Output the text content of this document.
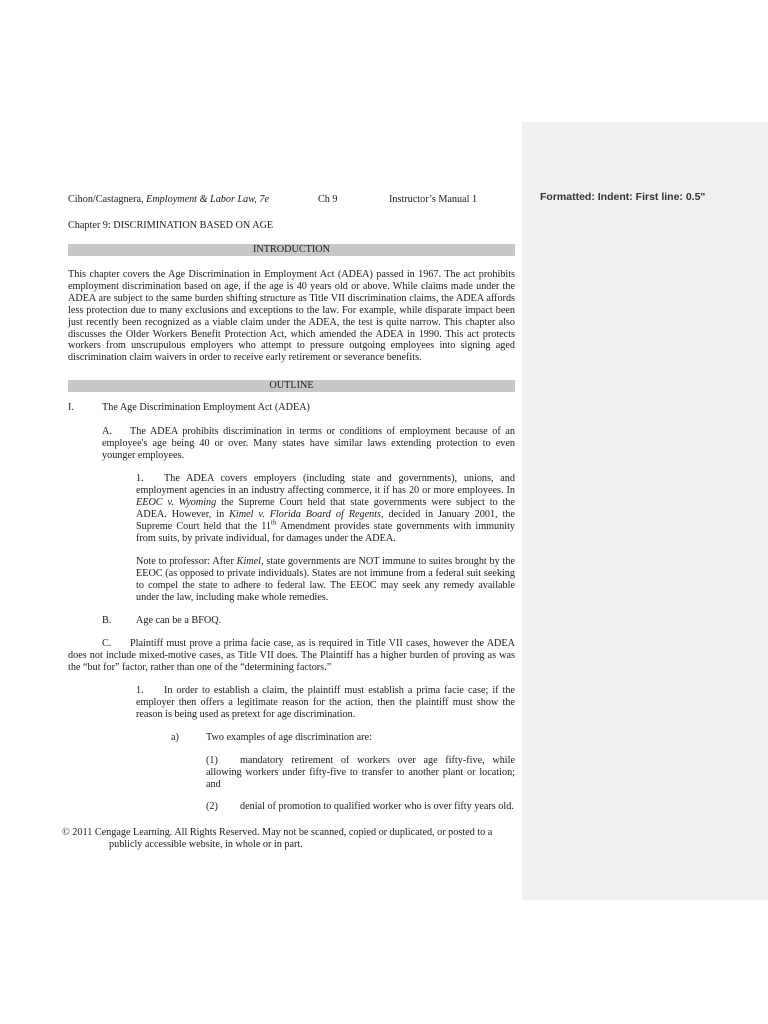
Formatted: Indent: First line: 0.5"
Cihon/Castagnera, Employment & Labor Law, 7e	Ch 9	Instructor’s Manual 1
Chapter 9: DISCRIMINATION BASED ON AGE
INTRODUCTION
This chapter covers the Age Discrimination in Employment Act (ADEA) passed in 1967. The act prohibits employment discrimination based on age, if the age is 40 years old or above. While claims made under the ADEA are subject to the same burden shifting structure as Title VII discrimination claims, the ADEA affords less protection due to many exclusions and exceptions to the law. For example, while disparate impact been just recently been recognized as a viable claim under the ADEA, the test is quite narrow. This chapter also discusses the Older Workers Benefit Protection Act, which amended the ADEA in 1990. This act protects workers from unscrupulous employers who attempt to pressure outgoing employees into signing aged discrimination claim waivers in order to receive early retirement or severance benefits.
OUTLINE
I.	The Age Discrimination Employment Act (ADEA)
A. The ADEA prohibits discrimination in terms or conditions of employment because of an employee's age being 40 or over. Many states have similar laws extending protection to even younger employees.
1. The ADEA covers employers (including state and governments), unions, and employment agencies in an industry affecting commerce, it if has 20 or more employees. In EEOC v. Wyoming the Supreme Court held that state governments were subject to the ADEA. However, in Kimel v. Florida Board of Regents, decided in January 2001, the Supreme Court held that the 11th Amendment provides state governments with immunity from suits, by private individual, for damages under the ADEA.
Note to professor: After Kimel, state governments are NOT immune to suites brought by the EEOC (as opposed to private individuals). States are not immune from a federal suit seeking to compel the state to adhere to federal law. The EEOC may seek any remedy available under the law, including make whole remedies.
B. Age can be a BFOQ.
C. Plaintiff must prove a prima facie case, as is required in Title VII cases, however the ADEA does not include mixed-motive cases, as Title VII does. The Plaintiff has a higher burden of proving as was the “but for” factor, rather than one of the “determining factors.”
1. In order to establish a claim, the plaintiff must establish a prima facie case; if the employer then offers a legitimate reason for the action, then the plaintiff must show the reason is being used as pretext for age discrimination.
a)	Two examples of age discrimination are:
(1) mandatory retirement of workers over age fifty-five, while allowing workers under fifty-five to transfer to another plant or location; and
(2) denial of promotion to qualified worker who is over fifty years old.
© 2011 Cengage Learning. All Rights Reserved. May not be scanned, copied or duplicated, or posted to a
publicly accessible website, in whole or in part.
